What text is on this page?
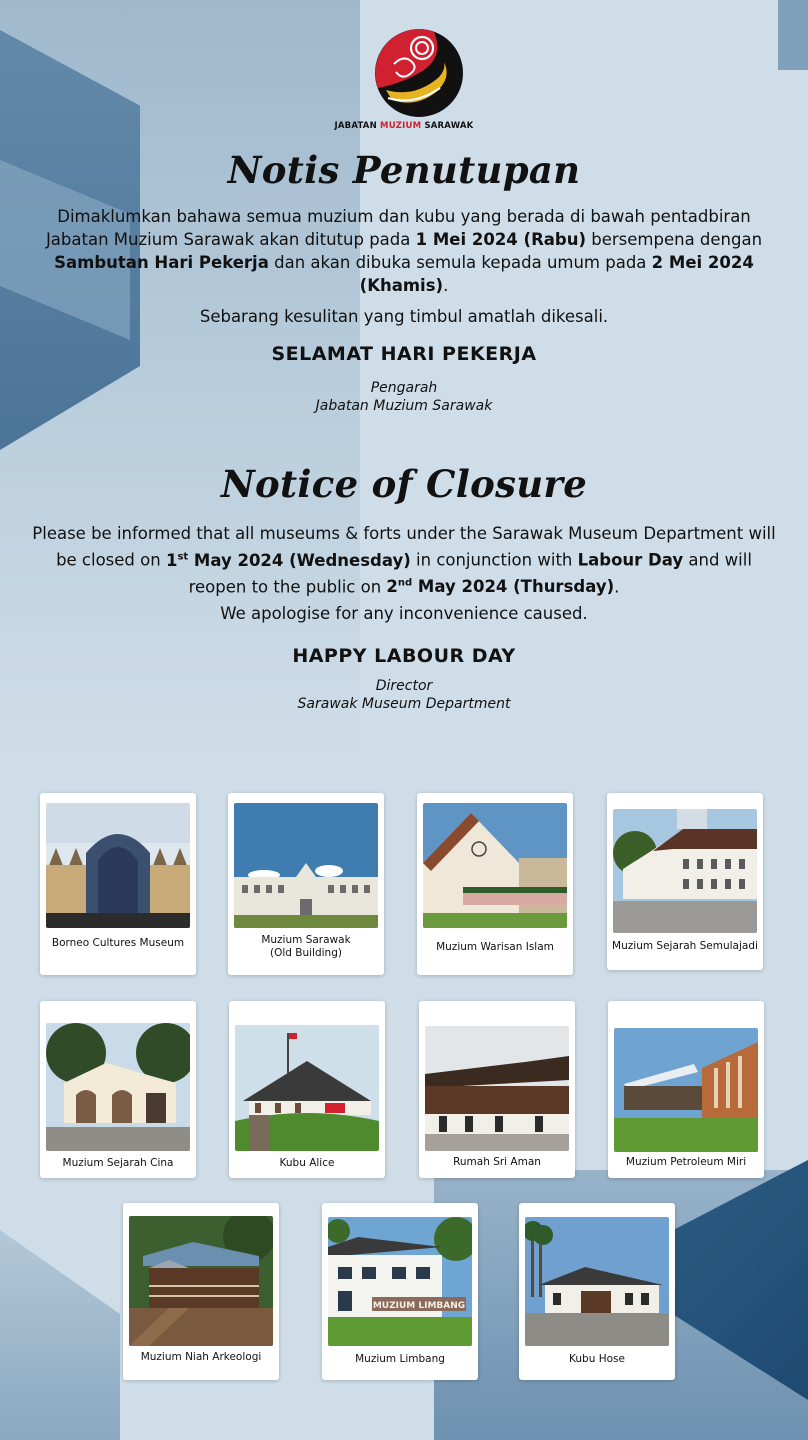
JABATAN MUZIUM SARAWAK
Notis Penutupan
Dimaklumkan bahawa semua muzium dan kubu yang berada di bawah pentadbiran Jabatan Muzium Sarawak akan ditutup pada 1 Mei 2024 (Rabu) bersempena dengan Sambutan Hari Pekerja dan akan dibuka semula kepada umum pada 2 Mei 2024 (Khamis).
Sebarang kesulitan yang timbul amatlah dikesali.
SELAMAT HARI PEKERJA
Pengarah
Jabatan Muzium Sarawak
Notice of Closure
Please be informed that all museums & forts under the Sarawak Museum Department will be closed on 1st May 2024 (Wednesday) in conjunction with Labour Day and will reopen to the public on 2nd May 2024 (Thursday).
We apologise for any inconvenience caused.
HAPPY LABOUR DAY
Director
Sarawak Museum Department
Borneo Cultures Museum	Muzium Sarawak
(Old Building)	Muzium Warisan Islam	Muzium Sejarah Semulajadi
Muzium Sejarah Cina	Kubu Alice	Rumah Sri Aman	Muzium Petroleum Miri
Muzium Niah Arkeologi
MUZIUM LIMBANG
Muzium Limbang	Kubu Hose
